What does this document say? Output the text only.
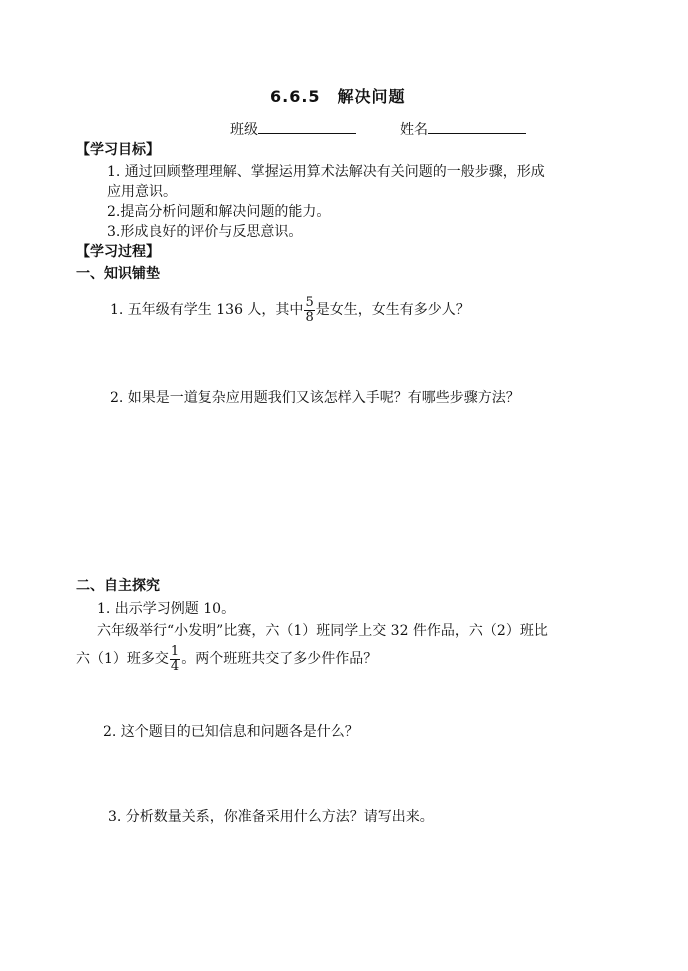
6.6.5　解决问题
班级	姓名
【学习目标】
1. 通过回顾整理理解、掌握运用算术法解决有关问题的一般步骤，形成
应用意识。
2.提高分析问题和解决问题的能力。
3.形成良好的评价与反思意识。
【学习过程】
一、知识铺垫
1. 五年级有学生 136 人，其中 $\frac{5}{8}$ 是女生，女生有多少人？
2. 如果是一道复杂应用题我们又该怎样入手呢？有哪些步骤方法？
二、自主探究
1. 出示学习例题 10。
六年级举行“小发明”比赛，六（1）班同学上交 32 件作品，六（2）班比
六（1）班多交 $\frac{1}{4}$ 。两个班班共交了多少件作品？
2. 这个题目的已知信息和问题各是什么？
3. 分析数量关系，你准备采用什么方法？请写出来。
